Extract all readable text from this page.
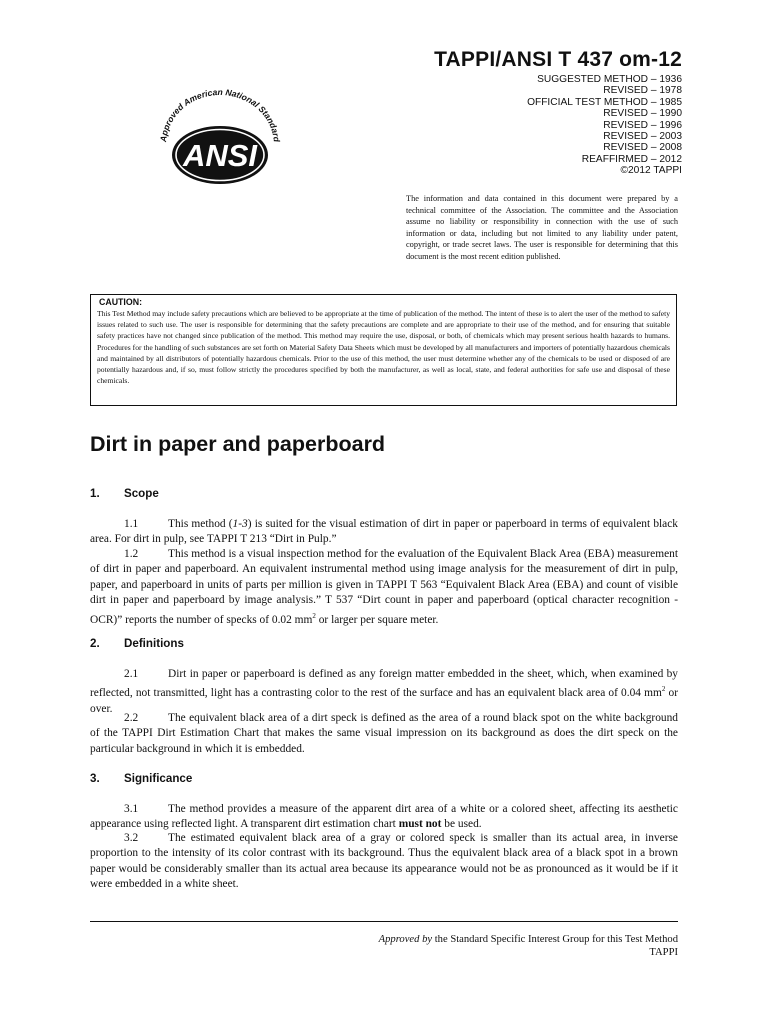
TAPPI/ANSI T 437 om-12
SUGGESTED METHOD – 1936
REVISED – 1978
OFFICIAL TEST METHOD – 1985
REVISED – 1990
REVISED – 1996
REVISED – 2003
REVISED – 2008
REAFFIRMED – 2012
©2012 TAPPI
Approved American National Standard
ANSI
The information and data contained in this document were prepared by a technical committee of the Association. The committee and the Association assume no liability or responsibility in connection with the use of such information or data, including but not limited to any liability under patent, copyright, or trade secret laws. The user is responsible for determining that this document is the most recent edition published.
CAUTION:
This Test Method may include safety precautions which are believed to be appropriate at the time of publication of the method. The intent of these is to alert the user of the method to safety issues related to such use. The user is responsible for determining that the safety precautions are complete and are appropriate to their use of the method, and for ensuring that suitable safety practices have not changed since publication of the method. This method may require the use, disposal, or both, of chemicals which may present serious health hazards to humans. Procedures for the handling of such substances are set forth on Material Safety Data Sheets which must be developed by all manufacturers and importers of potentially hazardous chemicals and maintained by all distributors of potentially hazardous chemicals. Prior to the use of this method, the user must determine whether any of the chemicals to be used or disposed of are potentially hazardous and, if so, must follow strictly the procedures specified by both the manufacturer, as well as local, state, and federal authorities for safe use and disposal of these chemicals.
Dirt in paper and paperboard
1. Scope
1.1	This method (1-3) is suited for the visual estimation of dirt in paper or paperboard in terms of equivalent black area. For dirt in pulp, see TAPPI T 213 “Dirt in Pulp.”
1.2	This method is a visual inspection method for the evaluation of the Equivalent Black Area (EBA) measurement of dirt in paper and paperboard. An equivalent instrumental method using image analysis for the measurement of dirt in pulp, paper, and paperboard in units of parts per million is given in TAPPI T 563 “Equivalent Black Area (EBA) and count of visible dirt in paper and paperboard by image analysis.” T 537 “Dirt count in paper and paperboard (optical character recognition - OCR)” reports the number of specks of 0.02 $mm^2$ or larger per square meter.
2. Definitions
2.1	Dirt in paper or paperboard is defined as any foreign matter embedded in the sheet, which, when examined by reflected, not transmitted, light has a contrasting color to the rest of the surface and has an equivalent black area of 0.04 $mm^2$ or over.
2.2	The equivalent black area of a dirt speck is defined as the area of a round black spot on the white background of the TAPPI Dirt Estimation Chart that makes the same visual impression on its background as does the dirt speck on the particular background in which it is embedded.
3. Significance
3.1	The method provides a measure of the apparent dirt area of a white or a colored sheet, affecting its aesthetic appearance using reflected light. A transparent dirt estimation chart must not be used.
3.2	The estimated equivalent black area of a gray or colored speck is smaller than its actual area, in inverse proportion to the intensity of its color contrast with its background. Thus the equivalent black area of a black spot in a brown paper would be considerably smaller than its actual area because its appearance would not be as pronounced as it would be if it were embedded in a white sheet.
Approved by the Standard Specific Interest Group for this Test Method
TAPPI
